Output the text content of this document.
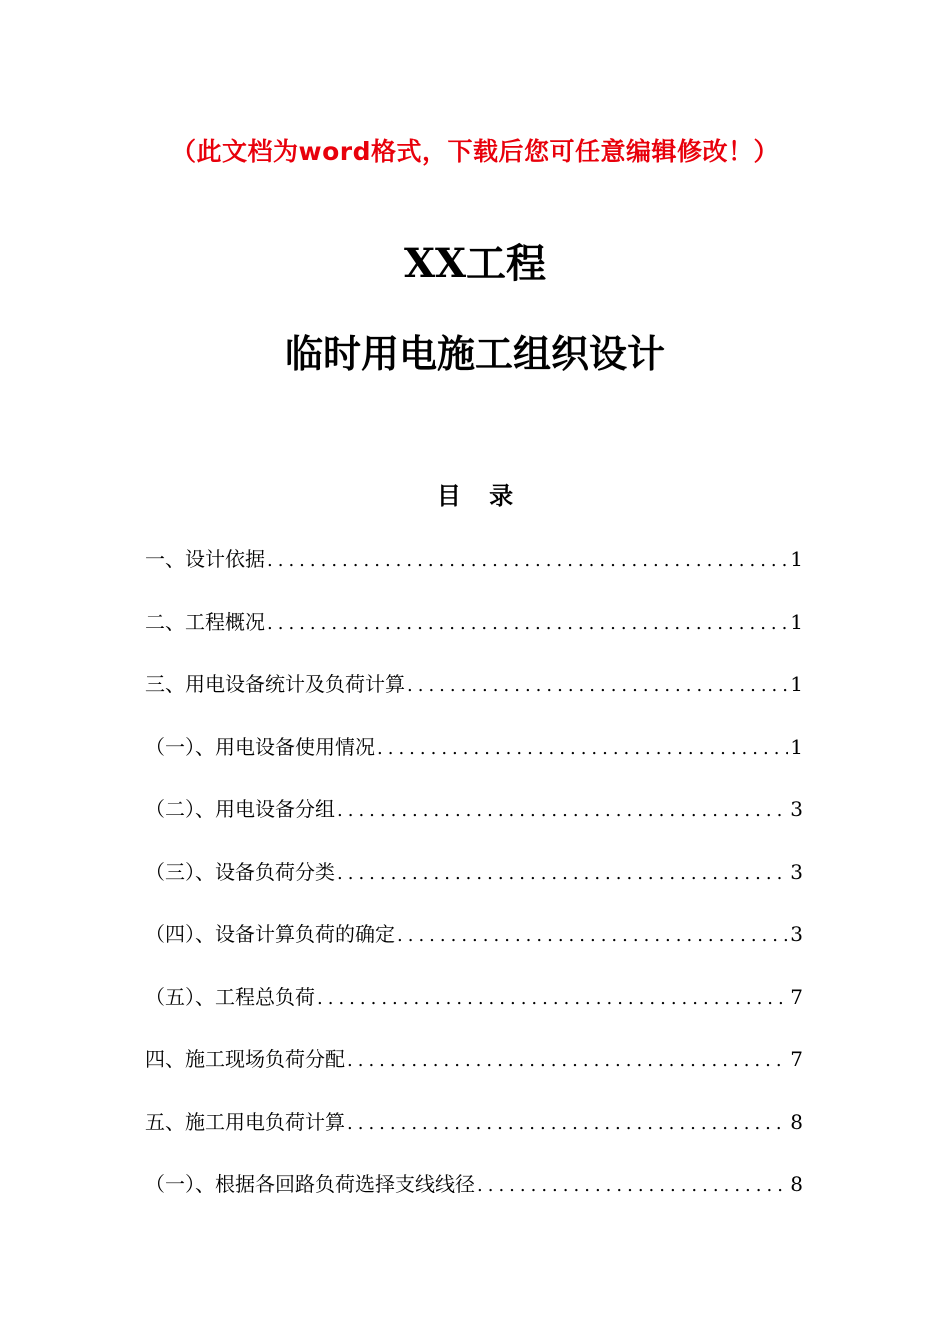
（此文档为word格式，下载后您可任意编辑修改！）
XX工程
临时用电施工组织设计
目 录
一、设计依据 .....	1
二、工程概况 .....	1
三、用电设备统计及负荷计算 .....	1
（一）、用电设备使用情况 .....	1
（二）、用电设备分组 .....	3
（三）、设备负荷分类 .....	3
（四）、设备计算负荷的确定 .....	3
（五）、工程总负荷 .....	7
四、施工现场负荷分配 .....	7
五、施工用电负荷计算 .....	8
（一）、根据各回路负荷选择支线线径 .....	8
